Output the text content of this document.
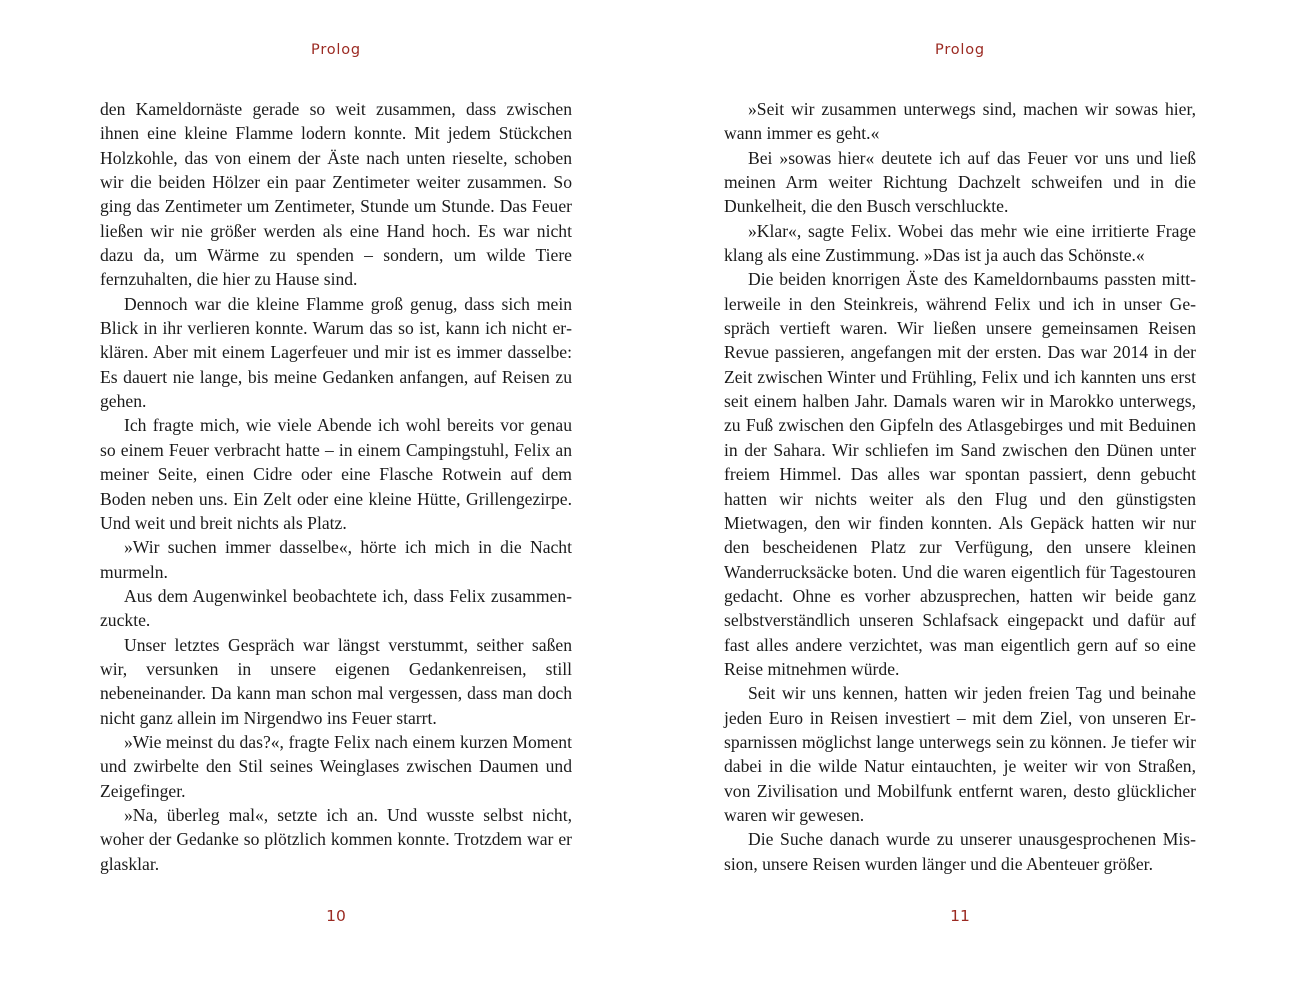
Prolog

den Kameldornäste gerade so weit zusammen, dass zwischen ihnen eine kleine Flamme lodern konnte. Mit jedem Stückchen Holzkohle, das von einem der Äste nach unten rieselte, schoben wir die beiden Hölzer ein paar Zentimeter weiter zusammen. So ging das Zentimeter um Zentimeter, Stunde um Stunde. Das Feuer ließen wir nie größer werden als eine Hand hoch. Es war nicht dazu da, um Wärme zu spenden – sondern, um wilde Tiere fernzuhalten, die hier zu Hause sind.

Dennoch war die kleine Flamme groß genug, dass sich mein Blick in ihr verlieren konnte. Warum das so ist, kann ich nicht erklären. Aber mit einem Lagerfeuer und mir ist es immer dasselbe: Es dauert nie lange, bis meine Gedanken anfangen, auf Reisen zu gehen.

Ich fragte mich, wie viele Abende ich wohl bereits vor genau so einem Feuer verbracht hatte – in einem Campingstuhl, Felix an meiner Seite, einen Cidre oder eine Flasche Rotwein auf dem Boden neben uns. Ein Zelt oder eine kleine Hütte, Grillengezirpe. Und weit und breit nichts als Platz.

»Wir suchen immer dasselbe«, hörte ich mich in die Nacht murmeln.

Aus dem Augenwinkel beobachtete ich, dass Felix zusammenzuckte.

Unser letztes Gespräch war längst verstummt, seither saßen wir, versunken in unsere eigenen Gedankenreisen, still nebeneinander. Da kann man schon mal vergessen, dass man doch nicht ganz allein im Nirgendwo ins Feuer starrt.

»Wie meinst du das?«, fragte Felix nach einem kurzen Moment und zwirbelte den Stil seines Weinglases zwischen Daumen und Zeigefinger.

»Na, überleg mal«, setzte ich an. Und wusste selbst nicht, woher der Gedanke so plötzlich kommen konnte. Trotzdem war er glasklar.

10
Prolog

»Seit wir zusammen unterwegs sind, machen wir sowas hier, wann immer es geht.«

Bei »sowas hier« deutete ich auf das Feuer vor uns und ließ meinen Arm weiter Richtung Dachzelt schweifen und in die Dunkelheit, die den Busch verschluckte.

»Klar«, sagte Felix. Wobei das mehr wie eine irritierte Frage klang als eine Zustimmung. »Das ist ja auch das Schönste.«

Die beiden knorrigen Äste des Kameldornbaums passten mittlerweile in den Steinkreis, während Felix und ich in unser Gespräch vertieft waren. Wir ließen unsere gemeinsamen Reisen Revue passieren, angefangen mit der ersten. Das war 2014 in der Zeit zwischen Winter und Frühling, Felix und ich kannten uns erst seit einem halben Jahr. Damals waren wir in Marokko unterwegs, zu Fuß zwischen den Gipfeln des Atlasgebirges und mit Beduinen in der Sahara. Wir schliefen im Sand zwischen den Dünen unter freiem Himmel. Das alles war spontan passiert, denn gebucht hatten wir nichts weiter als den Flug und den günstigsten Mietwagen, den wir finden konnten. Als Gepäck hatten wir nur den bescheidenen Platz zur Verfügung, den unsere kleinen Wanderrucksäcke boten. Und die waren eigentlich für Tagestouren gedacht. Ohne es vorher abzusprechen, hatten wir beide ganz selbstverständlich unseren Schlafsack eingepackt und dafür auf fast alles andere verzichtet, was man eigentlich gern auf so eine Reise mitnehmen würde.

Seit wir uns kennen, hatten wir jeden freien Tag und beinahe jeden Euro in Reisen investiert – mit dem Ziel, von unseren Ersparnissen möglichst lange unterwegs sein zu können. Je tiefer wir dabei in die wilde Natur eintauchten, je weiter wir von Straßen, von Zivilisation und Mobilfunk entfernt waren, desto glücklicher waren wir gewesen.

Die Suche danach wurde zu unserer unausgesprochenen Mission, unsere Reisen wurden länger und die Abenteuer größer.

11
